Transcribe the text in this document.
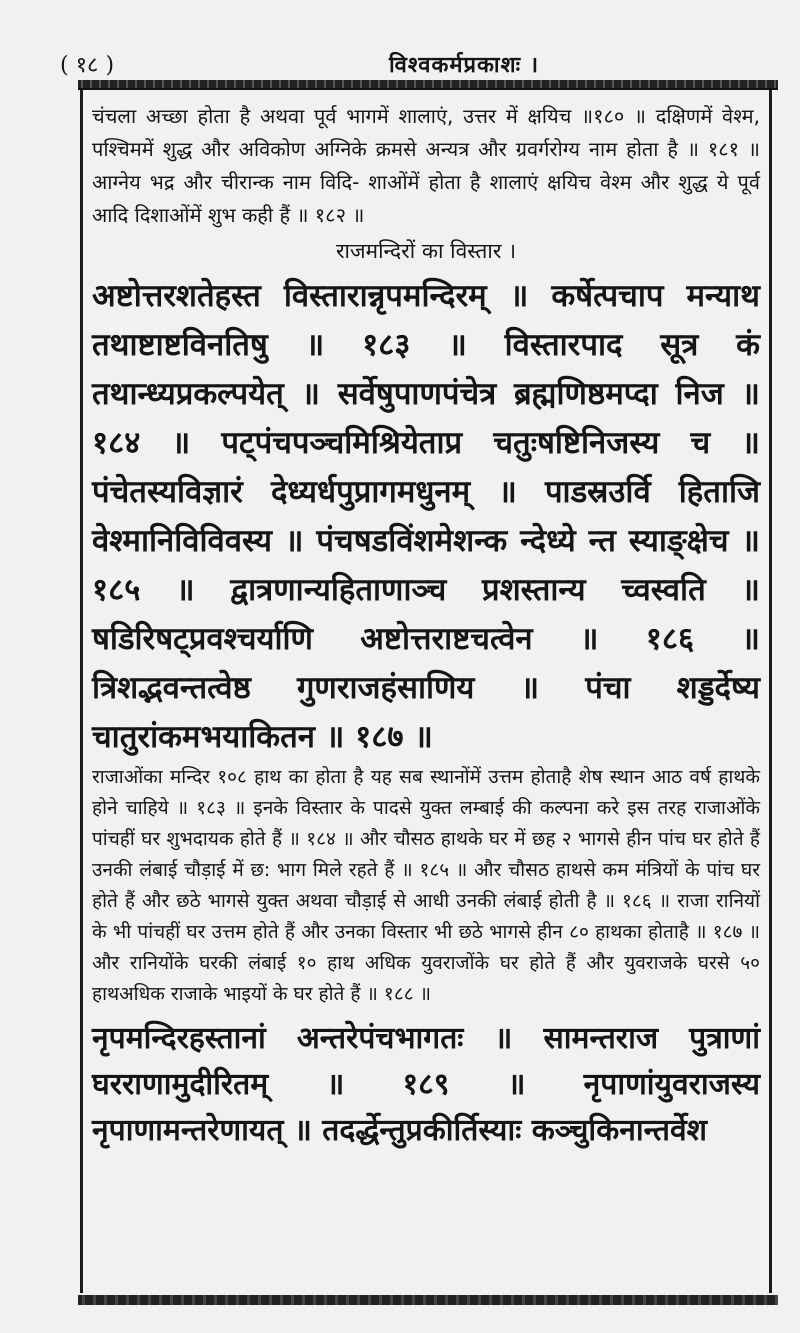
( १८ )	विश्वकर्मप्रकाशः ।

चंचला अच्छा होता है अथवा पूर्व भागमें शालाएं, उत्तर में क्षयिच ॥१८० ॥ दक्षिणमें वेश्म, पश्चिममें शुद्ध और अविकोण अग्निके क्रमसे अन्यत्र और ग्रवर्गरोग्य नाम होता है ॥ १८१ ॥ आग्नेय भद्र और चीरान्क नाम विदि- शाओंमें होता है शालाएं क्षयिच वेश्म और शुद्ध ये पूर्व आदि दिशाओंमें शुभ कही हैं ॥ १८२ ॥

राजमन्दिरों का विस्तार ।

अष्टोत्तरशतेहस्त विस्तारान्नृपमन्दिरम् ॥ कर्षेत्पचाप मन्याथ तथाष्टाष्टविनतिषु ॥ १८३ ॥ विस्तारपाद सूत्र कं तथान्ध्यप्रकल्पयेत् ॥ सर्वेषुपाणपंचेत्र ब्रह्मणिष्ठमप्दा निज ॥ १८४ ॥ पट्पंचपञ्चमिश्रियेताप्र चतुःषष्टिनिजस्य च ॥ पंचेतस्यविज्ञारं देध्यर्धपुप्रागमधुनम् ॥ पाडस्रउर्वि हिताजि वेश्मानिविविवस्य ॥ पंचषडविंशमेशन्क न्देध्ये न्त स्याङ्क्षेच ॥ १८५ ॥ द्वात्रणान्यहिताणाञ्च प्रशस्तान्य च्वस्वति ॥ षडिरिषट्प्रवश्चर्याणि अष्टोत्तराष्टचत्वेन ॥ १८६ ॥ त्रिशद्भवन्तत्वेष्ठ गुणराजहंसाणिय ॥ पंचा शड्डर्देष्य चातुरांकमभयाकितन ॥ १८७ ॥

राजाओंका मन्दिर १०८ हाथ का होता है यह सब स्थानोंमें उत्तम होताहै शेष स्थान आठ वर्ष हाथके होने चाहिये ॥ १८३ ॥ इनके विस्तार के पादसे युक्त लम्बाई की कल्पना करे इस तरह राजाओंके पांचहीं घर शुभदायक होते हैं ॥ १८४ ॥ और चौसठ हाथके घर में छह २ भागसे हीन पांच घर होते हैं उनकी लंबाई चौड़ाई में छ: भाग मिले रहते हैं ॥ १८५ ॥ और चौसठ हाथसे कम मंत्रियों के पांच घर होते हैं और छठे भागसे युक्त अथवा चौड़ाई से आधी उनकी लंबाई होती है ॥ १८६ ॥ राजा रानियों के भी पांचहीं घर उत्तम होते हैं और उनका विस्तार भी छठे भागसे हीन ८० हाथका होताहै ॥ १८७ ॥ और रानियोंके घरकी लंबाई १० हाथ अधिक युवराजोंके घर होते हैं और युवराजके घरसे ५० हाथअधिक राजाके भाइयों के घर होते हैं ॥ १८८ ॥

नृपमन्दिरहस्तानां अन्तरेपंचभागतः ॥ सामन्तराज पुत्राणां घरराणामुदीरितम् ॥ १८९ ॥ नृपाणांयुवराजस्य नृपाणामन्तरेणायत् ॥ तदर्द्धेन्तुप्रकीर्तिस्याः कञ्चुकिनान्तर्वेश
